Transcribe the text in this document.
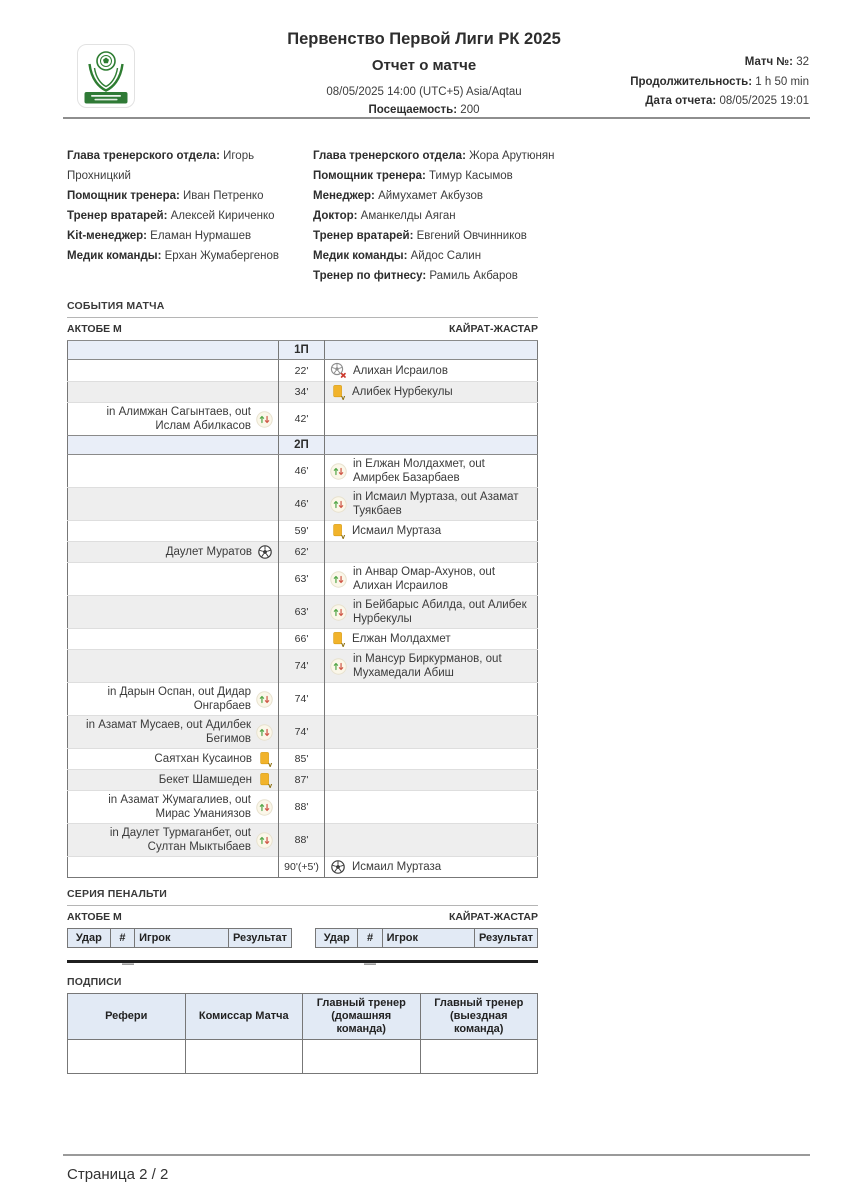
Первенство Первой Лиги РК 2025
Отчет о матче
08/05/2025 14:00 (UTC+5) Asia/Aqtau
Посещаемость: 200
Матч №: 32
Продолжительность: 1 h 50 min
Дата отчета: 08/05/2025 19:01
Глава тренерского отдела: Игорь Прохницкий
Помощник тренера: Иван Петренко
Тренер вратарей: Алексей Кириченко
Kit-менеджер: Еламан Нурмашев
Медик команды: Ерхан Жумабергенов
Глава тренерского отдела: Жора Арутюнян
Помощник тренера: Тимур Касымов
Менеджер: Аймухамет Акбузов
Доктор: Аманкелды Аяган
Тренер вратарей: Евгений Овчинников
Медик команды: Айдос Салин
Тренер по фитнесу: Рамиль Акбаров
СОБЫТИЯ МАТЧА
АКТОБЕ М	КАЙРАТ-ЖАСТАР
	1П	
	22'	Алихан Исраилов

	34'	y Алибек Нурбекулы

in Алимжан Сагынтаев, out Ислам Абилкасов	42'	
	2П	
	46'	in Елжан Молдахмет, out Амирбек Базарбаев

	46'	in Исмаил Муртаза, out Азамат Туякбаев

	59'	y Исмаил Муртаза

Даулет Муратов	62'	
	63'	in Анвар Омар-Ахунов, out Алихан Исраилов

	63'	in Бейбарыс Абилда, out Алибек Нурбекулы

	66'	y Елжан Молдахмет

	74'	in Мансур Биркурманов, out Мухамедали Абиш

in Дарын Оспан, out Дидар Онгарбаев	74'	

in Азамат Мусаев, out Адилбек Бегимов	74'	

Саятхан Кусаинов y	85'	

Бекет Шамшеден y	87'	

in Азамат Жумагалиев, out Мирас Уманиязов	88'	

in Даулет Турмаганбет, out Султан Мыктыбаев	88'	
	90'(+5')	Исмаил Муртаза
СЕРИЯ ПЕНАЛЬТИ
АКТОБЕ М	КАЙРАТ-ЖАСТАР
Удар	#	Игрок	Результат	Удар	#	Игрок	Результат
—	—
ПОДПИСИ
Рефери	Комиссар Матча	Главный тренер (домашняя команда)	Главный тренер (выездная команда)

Страница 2 / 2
